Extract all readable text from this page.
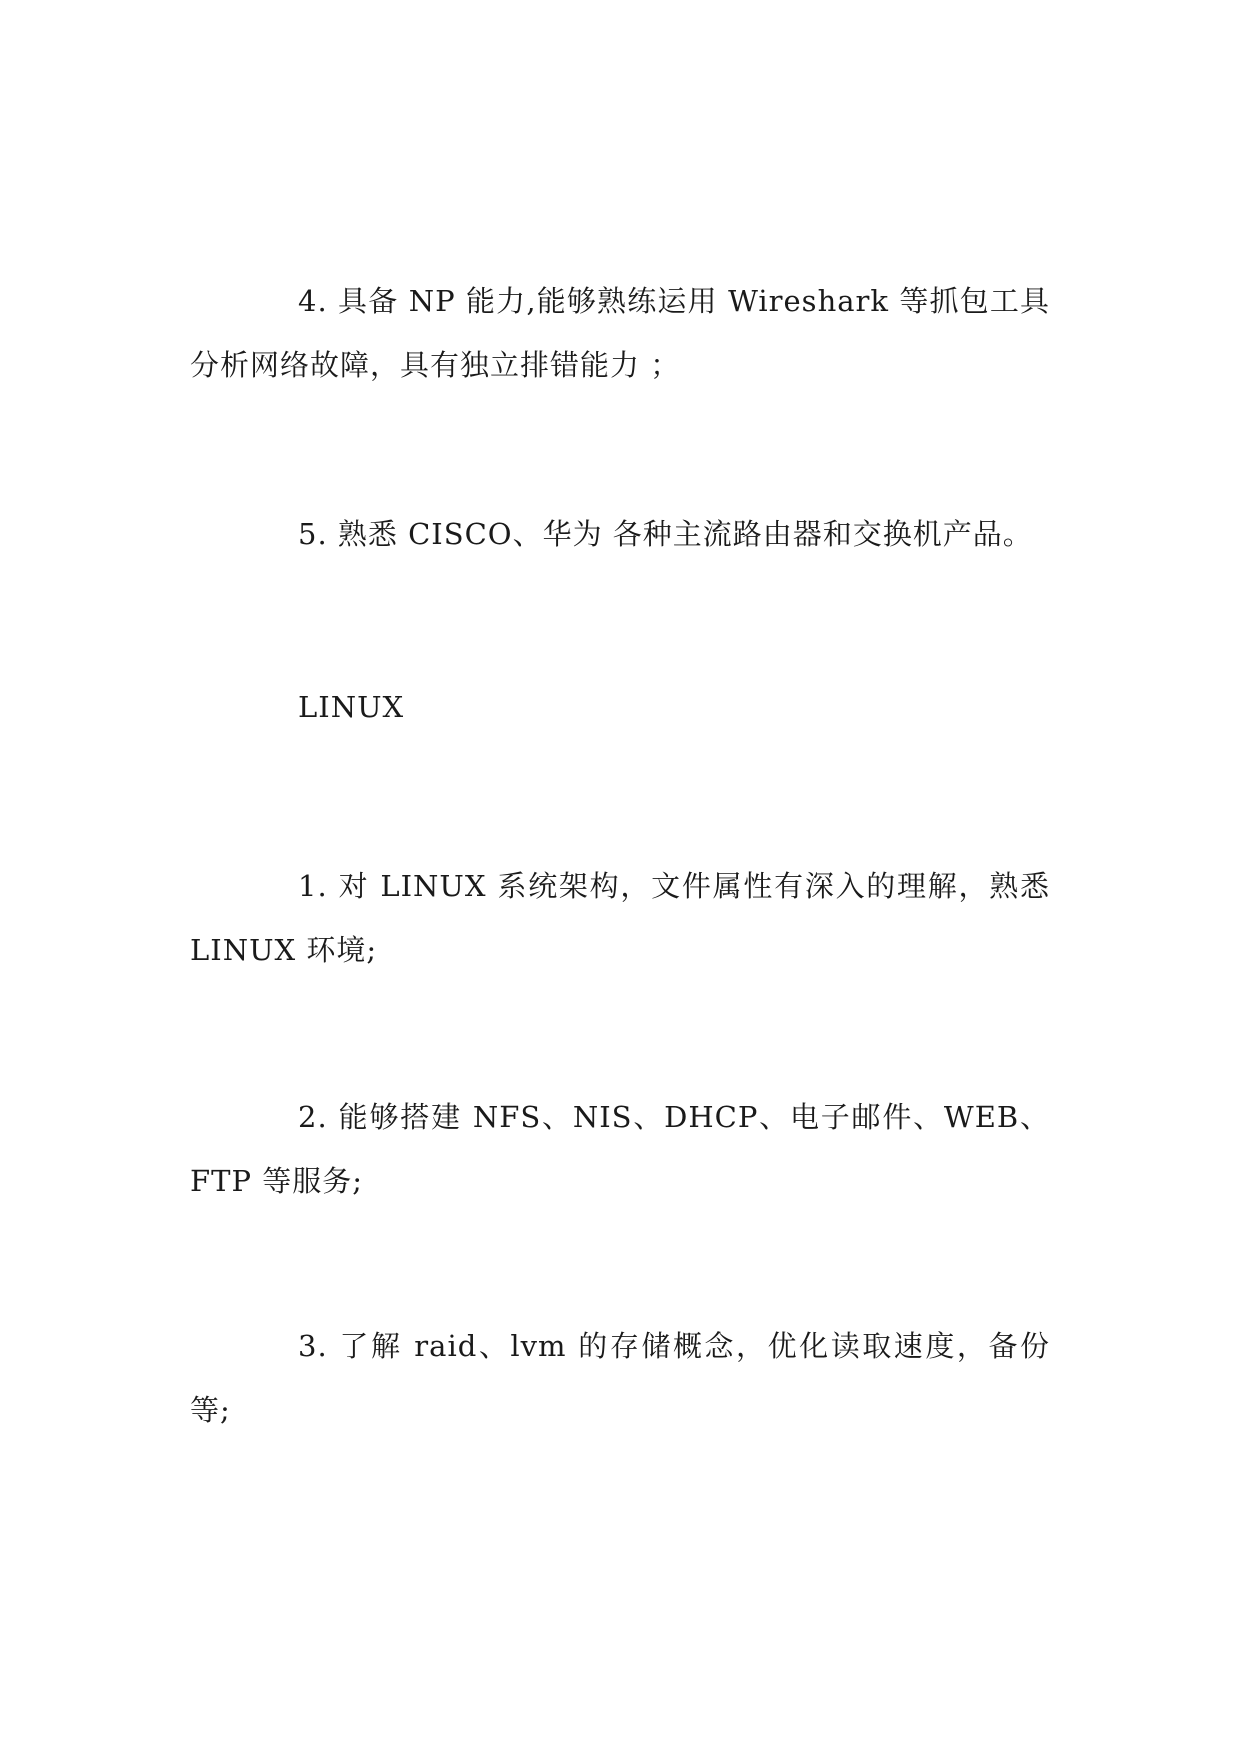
4. 具备 NP 能力,能够熟练运用 Wireshark 等抓包工具分析网络故障，具有独立排错能力 ；

5. 熟悉 CISCO、华为 各种主流路由器和交换机产品。

LINUX

1. 对 LINUX 系统架构，文件属性有深入的理解，熟悉 LINUX 环境;

2. 能够搭建 NFS、NIS、DHCP、电子邮件、WEB、FTP 等服务;

3. 了解 raid、lvm 的存储概念，优化读取速度，备份等;
